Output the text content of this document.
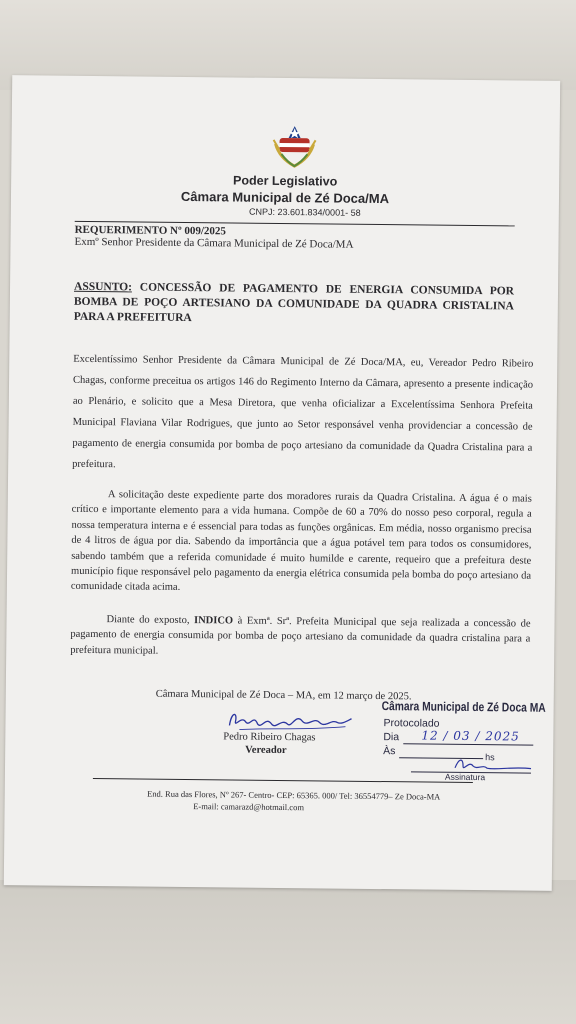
Poder Legislativo
Câmara Municipal de Zé Doca/MA
CNPJ: 23.601.834/0001- 58
REQUERIMENTO Nº 009/2025
Exmº Senhor Presidente da Câmara Municipal de Zé Doca/MA
ASSUNTO: CONCESSÃO DE PAGAMENTO DE ENERGIA CONSUMIDA POR BOMBA DE POÇO ARTESIANO DA COMUNIDADE DA QUADRA CRISTALINA PARA A PREFEITURA
Excelentíssimo Senhor Presidente da Câmara Municipal de Zé Doca/MA, eu, Vereador Pedro Ribeiro Chagas, conforme preceitua os artigos 146 do Regimento Interno da Câmara, apresento a presente indicação ao Plenário, e solicito que a Mesa Diretora, que venha oficializar a Excelentíssima Senhora Prefeita Municipal Flaviana Vilar Rodrigues, que junto ao Setor responsável venha providenciar a concessão de pagamento de energia consumida por bomba de poço artesiano da comunidade da Quadra Cristalina para a prefeitura.
A solicitação deste expediente parte dos moradores rurais da Quadra Cristalina. A água é o mais crítico e importante elemento para a vida humana. Compõe de 60 a 70% do nosso peso corporal, regula a nossa temperatura interna e é essencial para todas as funções orgânicas. Em média, nosso organismo precisa de 4 litros de água por dia. Sabendo da importância que a água potável tem para todos os consumidores, sabendo também que a referida comunidade é muito humilde e carente, requeiro que a prefeitura deste município fique responsável pelo pagamento da energia elétrica consumida pela bomba do poço artesiano da comunidade citada acima.
Diante do exposto, INDICO à Exmª. Srª. Prefeita Municipal que seja realizada a concessão de pagamento de energia consumida por bomba de poço artesiano da comunidade da quadra cristalina para a prefeitura municipal.
Câmara Municipal de Zé Doca – MA, em 12 março de 2025.
Pedro Ribeiro Chagas
Vereador
Câmara Municipal de Zé Doca MA
Protocolado
Dia 12 / 03 / 2025
Às	hs
Assinatura
End. Rua das Flores, Nº 267- Centro- CEP: 65365. 000/ Tel: 36554779– Ze Doca-MA
E-mail: camarazd@hotmail.com
